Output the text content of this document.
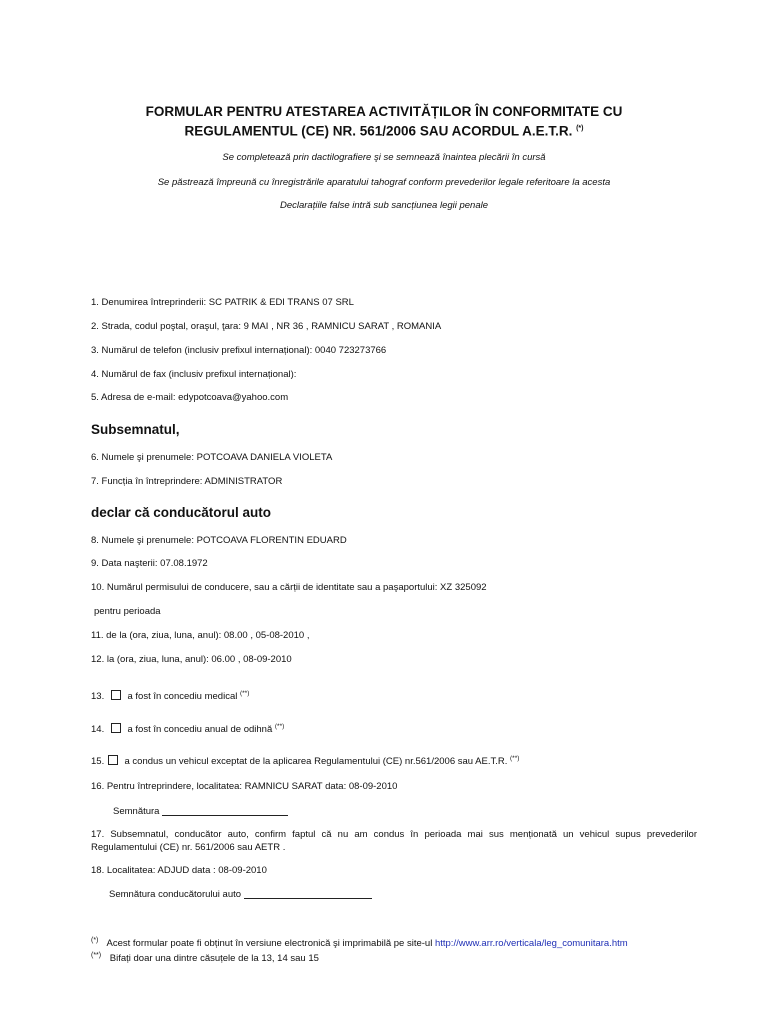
FORMULAR PENTRU ATESTAREA ACTIVITĂȚILOR ÎN CONFORMITATE CU
REGULAMENTUL (CE) NR. 561/2006 SAU ACORDUL A.E.T.R. (*)
Se completează prin dactilografiere şi se semnează înaintea plecării în cursă
Se păstrează împreună cu înregistrările aparatului tahograf conform prevederilor legale referitoare la acesta
Declarațiile false intră sub sancțiunea legii penale
1. Denumirea întreprinderii: SC PATRIK & EDI TRANS 07 SRL
2. Strada, codul poştal, oraşul, ţara: 9 MAI , NR 36 , RAMNICU SARAT , ROMANIA
3. Numărul de telefon (inclusiv prefixul internațional): 0040 723273766
4. Numărul de fax (inclusiv prefixul internațional):
5. Adresa de e-mail: edypotcoava@yahoo.com
Subsemnatul,
6. Numele şi prenumele: POTCOAVA DANIELA VIOLETA
7. Funcția în întreprindere: ADMINISTRATOR
declar că conducătorul auto
8. Numele şi prenumele: POTCOAVA FLORENTIN EDUARD
9. Data naşterii: 07.08.1972
10. Numărul permisului de conducere, sau a cărții de identitate sau a paşaportului: XZ 325092
pentru perioada
11. de la (ora, ziua, luna, anul): 08.00 , 05-08-2010 ,
12. la (ora, ziua, luna, anul): 06.00 , 08-09-2010
13. a fost în concediu medical (**)
14. a fost în concediu anual de odihnă (**)
15. a condus un vehicul exceptat de la aplicarea Regulamentului (CE) nr.561/2006 sau AE.T.R. (**)
16. Pentru întreprindere, localitatea: RAMNICU SARAT data: 08-09-2010
Semnătura
17. Subsemnatul, conducător auto, confirm faptul că nu am condus în perioada mai sus menționată un vehicul supus prevederilor Regulamentului (CE) nr. 561/2006 sau AETR .
18. Localitatea: ADJUD data : 08-09-2010
Semnătura conducătorului auto
(*) Acest formular poate fi obținut în versiune electronică şi imprimabilă pe site-ul http://www.arr.ro/verticala/leg_comunitara.htm
(**) Bifați doar una dintre căsuțele de la 13, 14 sau 15
